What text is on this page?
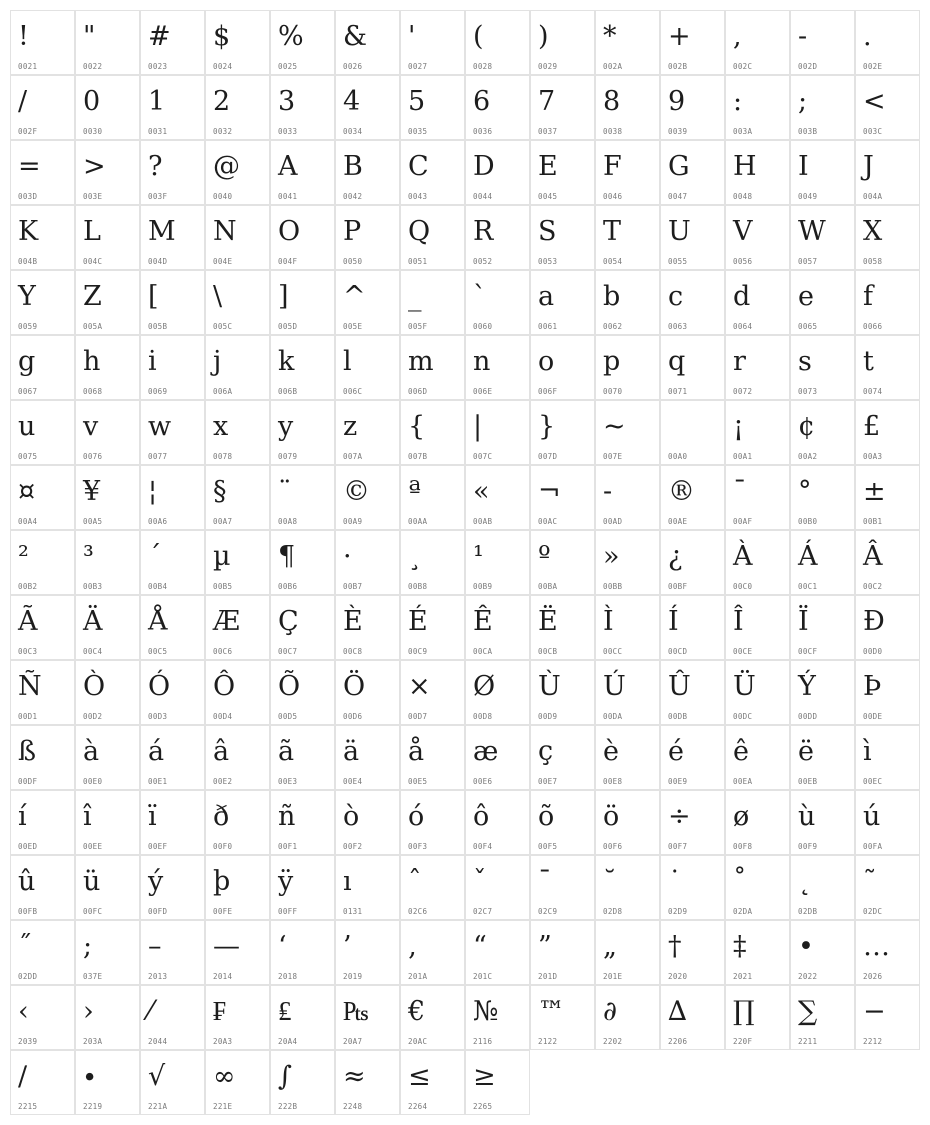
!
0021
"
0022
#
0023
$
0024
%
0025
&
0026
'
0027
(
0028
)
0029
*
002A
+
002B
,
002C
-
002D
.
002E
/
002F
0
0030
1
0031
2
0032
3
0033
4
0034
5
0035
6
0036
7
0037
8
0038
9
0039
:
003A
;
003B
<
003C
=
003D
>
003E
?
003F
@
0040
A
0041
B
0042
C
0043
D
0044
E
0045
F
0046
G
0047
H
0048
I
0049
J
004A
K
004B
L
004C
M
004D
N
004E
O
004F
P
0050
Q
0051
R
0052
S
0053
T
0054
U
0055
V
0056
W
0057
X
0058
Y
0059
Z
005A
[
005B
\
005C
]
005D
^
005E
_
005F
`
0060
a
0061
b
0062
c
0063
d
0064
e
0065
f
0066
g
0067
h
0068
i
0069
j
006A
k
006B
l
006C
m
006D
n
006E
o
006F
p
0070
q
0071
r
0072
s
0073
t
0074
u
0075
v
0076
w
0077
x
0078
y
0079
z
007A
{
007B
|
007C
}
007D
~
007E	00A0
¡
00A1
¢
00A2
£
00A3
¤
00A4
¥
00A5
¦
00A6
§
00A7
¨
00A8
©
00A9
ª
00AA
«
00AB
¬
00AC
-
00AD
®
00AE
¯
00AF
°
00B0
±
00B1
²
00B2
³
00B3
´
00B4
µ
00B5
¶
00B6
·
00B7
¸
00B8
¹
00B9
º
00BA
»
00BB
¿
00BF
À
00C0
Á
00C1
Â
00C2
Ã
00C3
Ä
00C4
Å
00C5
Æ
00C6
Ç
00C7
È
00C8
É
00C9
Ê
00CA
Ë
00CB
Ì
00CC
Í
00CD
Î
00CE
Ï
00CF
Ð
00D0
Ñ
00D1
Ò
00D2
Ó
00D3
Ô
00D4
Õ
00D5
Ö
00D6
×
00D7
Ø
00D8
Ù
00D9
Ú
00DA
Û
00DB
Ü
00DC
Ý
00DD
Þ
00DE
ß
00DF
à
00E0
á
00E1
â
00E2
ã
00E3
ä
00E4
å
00E5
æ
00E6
ç
00E7
è
00E8
é
00E9
ê
00EA
ë
00EB
ì
00EC
í
00ED
î
00EE
ï
00EF
ð
00F0
ñ
00F1
ò
00F2
ó
00F3
ô
00F4
õ
00F5
ö
00F6
÷
00F7
ø
00F8
ù
00F9
ú
00FA
û
00FB
ü
00FC
ý
00FD
þ
00FE
ÿ
00FF
ı
0131
ˆ
02C6
ˇ
02C7
ˉ
02C9
˘
02D8
˙
02D9
˚
02DA
˛
02DB
˜
02DC
˝
02DD
;
037E
–
2013
—
2014
‘
2018
’
2019
‚
201A
“
201C
”
201D
„
201E
†
2020
‡
2021
•
2022
…
2026
‹
2039
›
203A
⁄
2044
₣
20A3
₤
20A4
₧
20A7
€
20AC
№
2116
™
2122
∂
2202
∆
2206
∏
220F
∑
2211
−
2212
∕
2215
∙
2219
√
221A
∞
221E
∫
222B
≈
2248
≤
2264
≥
2265
